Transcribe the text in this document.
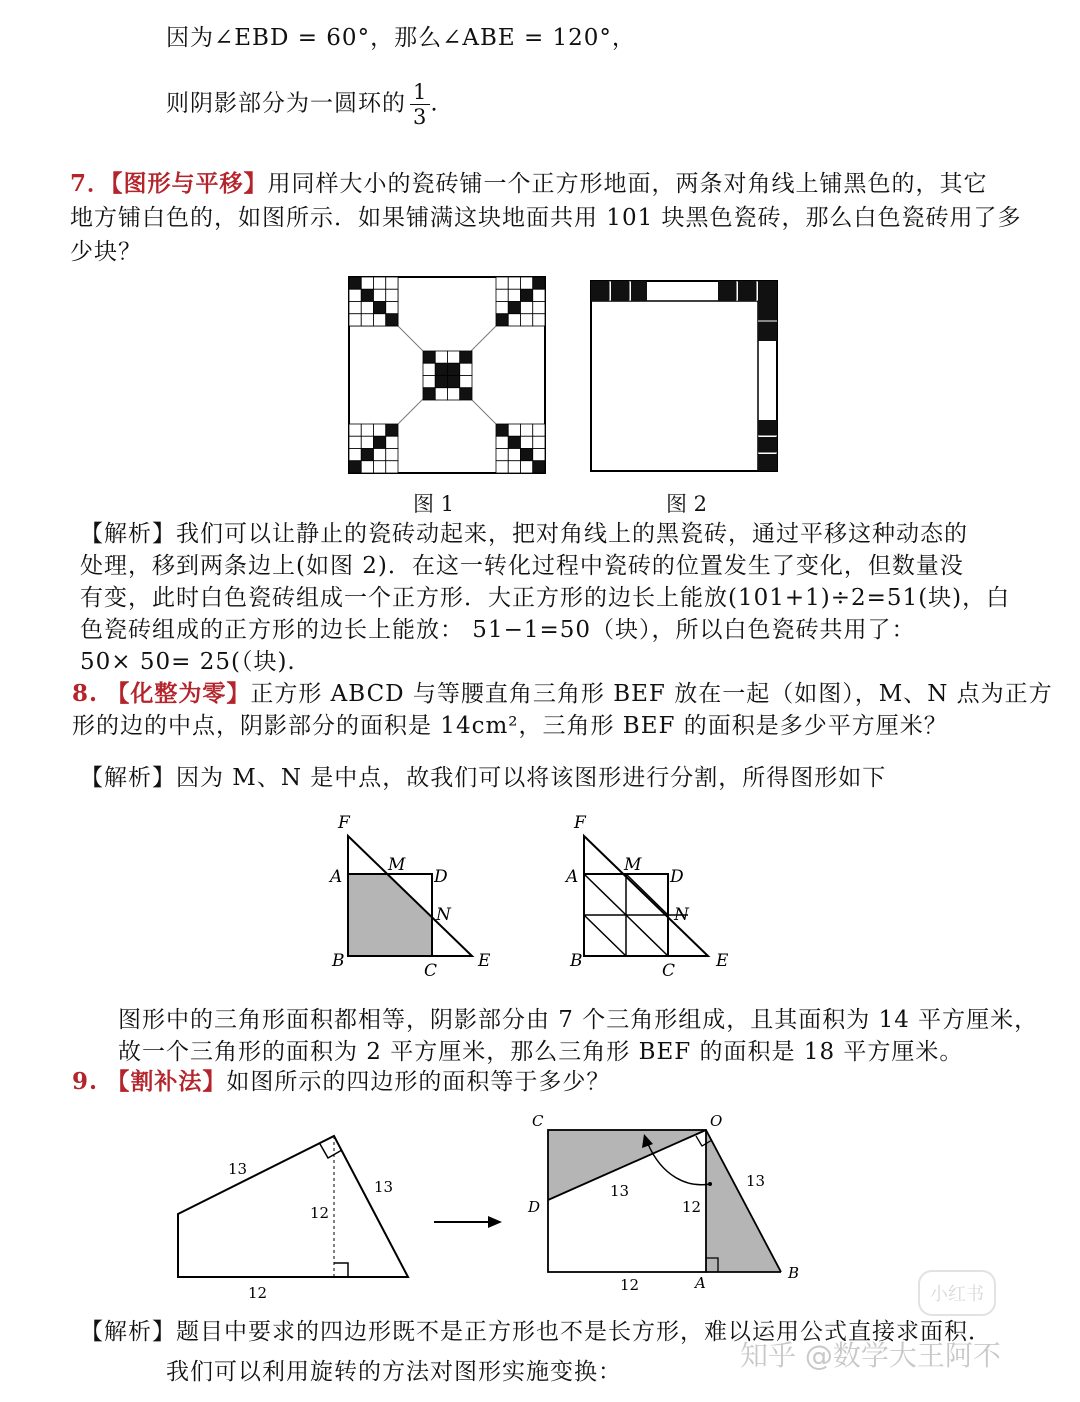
因为∠EBD = 60°，那么∠ABE = 120°，
则阴影部分为一圆环的 $\frac{1}{3}$ .
7．【图形与平移】用同样大小的瓷砖铺一个正方形地面，两条对角线上铺黑色的，其它
地方铺白色的，如图所示．如果铺满这块地面共用 101 块黑色瓷砖，那么白色瓷砖用了多
少块？
图 1	图 2
【解析】我们可以让静止的瓷砖动起来，把对角线上的黑瓷砖，通过平移这种动态的
处理，移到两条边上(如图 2)．在这一转化过程中瓷砖的位置发生了变化，但数量没
有变，此时白色瓷砖组成一个正方形．大正方形的边长上能放(101+1)÷2=51(块)，白
色瓷砖组成的正方形的边长上能放： 51−1=50（块），所以白色瓷砖共用了：
50× 50= 25(（块).
8. 【化整为零】正方形 ABCD 与等腰直角三角形 BEF 放在一起（如图），M、N 点为正方
形的边的中点，阴影部分的面积是 14cm²，三角形 BEF 的面积是多少平方厘米？
【解析】因为 M、N 是中点，故我们可以将该图形进行分割，所得图形如下
F
M
A	D
N
B	C E
F
M
A	D
N
B	C E
图形中的三角形面积都相等，阴影部分由 7 个三角形组成，且其面积为 14 平方厘米，
故一个三角形的面积为 2 平方厘米，那么三角形 BEF 的面积是 18 平方厘米。
9. 【割补法】如图所示的四边形的面积等于多少？
13
13
12
12
C	O
D
A
B
13
12
13
12
【解析】题目中要求的四边形既不是正方形也不是长方形，难以运用公式直接求面积．
我们可以利用旋转的方法对图形实施变换：
小红书
知乎 @数学大王阿不
